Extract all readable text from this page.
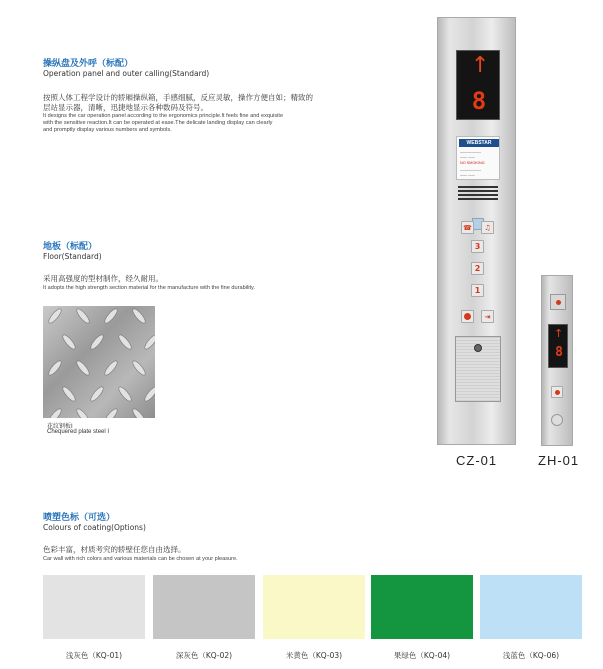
操纵盘及外呼（标配）
Operation panel and outer calling(Standard)
按照人体工程学设计的轿厢操纵箱，手感细腻，反应灵敏，操作方便自如；精致的
层站显示器，清晰，迅捷地显示各种数码及符号。
It designs the car operation panel according to the ergonomics principle.It feels fine and exquisite
with the sensitive reaction.It can be operated at ease.The delicate landing display can clearly
and promptly display various numbers and symbols.
地板（标配）
Floor(Standard)
采用高强度的型材制作，经久耐用。
It adopts the high strength section material for the manufacture with the fine durability.
花纹钢板I
Chequered plate steel I
↑
8
WEBSTAR
——————
—— ——
NO SMOKING
——————
—— ——
☎	♫
3
2
1
⇥
CZ-01
↑
8
ZH-01
喷塑色标（可选）
Colours of coating(Options)
色彩丰富，材质考究的轿壁任您自由选择。
Car wall with rich colors and various materials can be chosen at your pleasure.
浅灰色（KQ-01)	深灰色（KQ-02)	米黄色（KQ-03)	果绿色（KQ-04)	浅蓝色（KQ-06)
